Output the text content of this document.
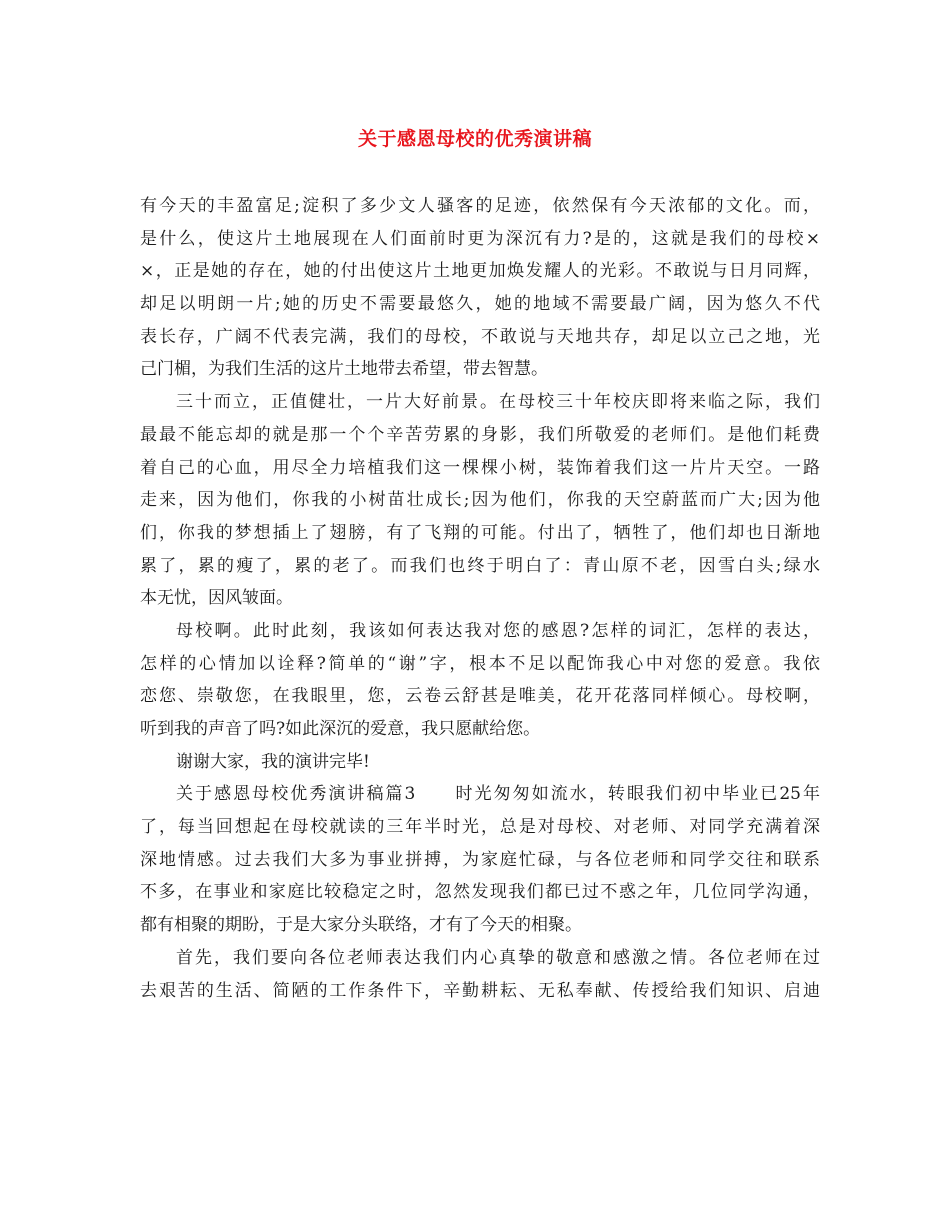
关于感恩母校的优秀演讲稿
有今天的丰盈富足;淀积了多少文人骚客的足迹，依然保有今天浓郁的文化。而，
是什么，使这片土地展现在人们面前时更为深沉有力?是的，这就是我们的母校×
×，正是她的存在，她的付出使这片土地更加焕发耀人的光彩。不敢说与日月同辉，
却足以明朗一片;她的历史不需要最悠久，她的地域不需要最广阔，因为悠久不代
表长存，广阔不代表完满，我们的母校，不敢说与天地共存，却足以立己之地，光
己门楣，为我们生活的这片土地带去希望，带去智慧。
三十而立，正值健壮，一片大好前景。在母校三十年校庆即将来临之际，我们
最最不能忘却的就是那一个个辛苦劳累的身影，我们所敬爱的老师们。是他们耗费
着自己的心血，用尽全力培植我们这一棵棵小树，装饰着我们这一片片天空。一路
走来，因为他们，你我的小树苗壮成长;因为他们，你我的天空蔚蓝而广大;因为他
们，你我的梦想插上了翅膀，有了飞翔的可能。付出了，牺牲了，他们却也日渐地
累了，累的瘦了，累的老了。而我们也终于明白了：青山原不老，因雪白头;绿水
本无忧，因风皱面。
母校啊。此时此刻，我该如何表达我对您的感恩?怎样的词汇，怎样的表达，
怎样的心情加以诠释?简单的“谢”字，根本不足以配饰我心中对您的爱意。我依
恋您、崇敬您，在我眼里，您，云卷云舒甚是唯美，花开花落同样倾心。母校啊，
听到我的声音了吗?如此深沉的爱意，我只愿献给您。
谢谢大家，我的演讲完毕!
关于感恩母校优秀演讲稿篇3　　时光匆匆如流水，转眼我们初中毕业已25年
了，每当回想起在母校就读的三年半时光，总是对母校、对老师、对同学充满着深
深地情感。过去我们大多为事业拼搏，为家庭忙碌，与各位老师和同学交往和联系
不多，在事业和家庭比较稳定之时，忽然发现我们都已过不惑之年，几位同学沟通，
都有相聚的期盼，于是大家分头联络，才有了今天的相聚。
首先，我们要向各位老师表达我们内心真挚的敬意和感激之情。各位老师在过
去艰苦的生活、简陋的工作条件下，辛勤耕耘、无私奉献、传授给我们知识、启迪
